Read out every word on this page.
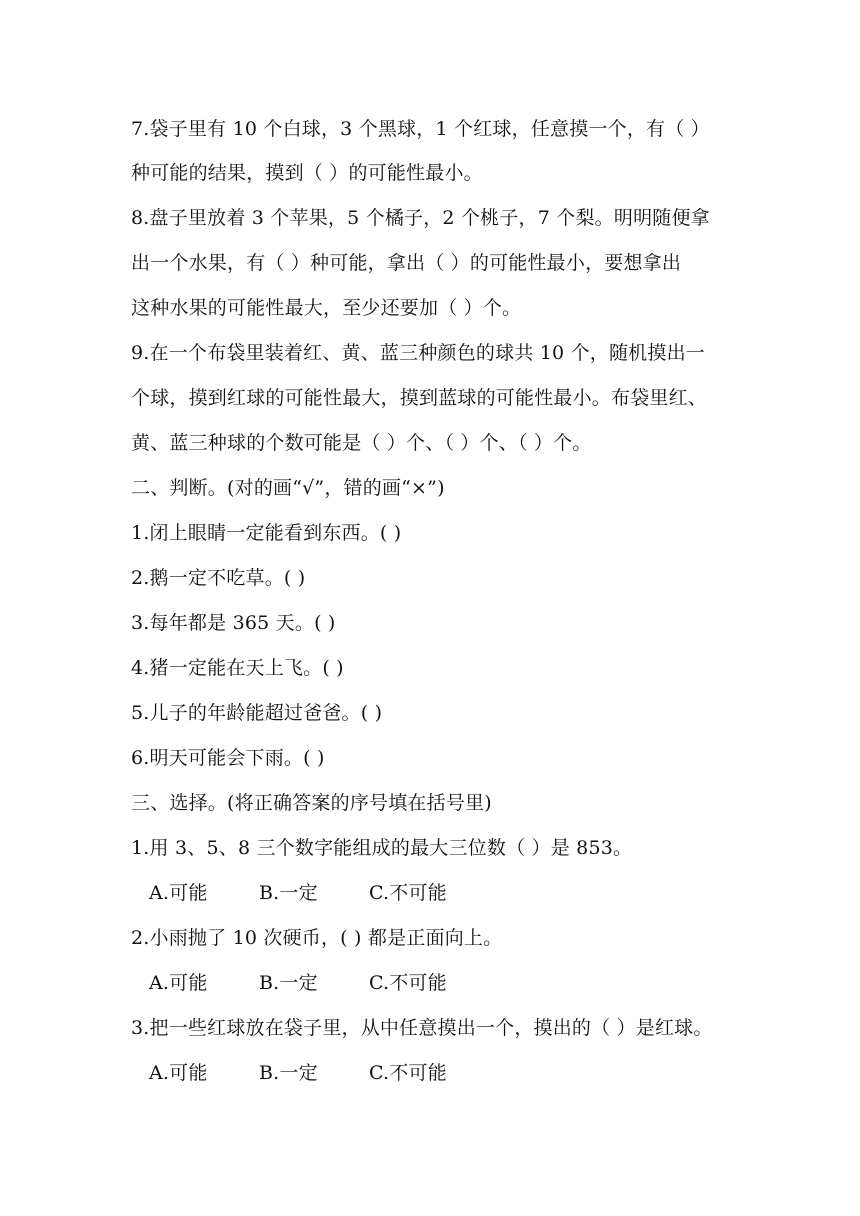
7.袋子里有 10 个白球，3 个黑球，1 个红球，任意摸一个，有（ ）
种可能的结果，摸到（ ）的可能性最小。
8.盘子里放着 3 个苹果，5 个橘子，2 个桃子，7 个梨。明明随便拿
出一个水果，有（ ）种可能，拿出（ ）的可能性最小，要想拿出
这种水果的可能性最大，至少还要加（ ）个。
9.在一个布袋里装着红、黄、蓝三种颜色的球共 10 个，随机摸出一
个球，摸到红球的可能性最大，摸到蓝球的可能性最小。布袋里红、
黄、蓝三种球的个数可能是（ ）个、（ ）个、（ ）个。
二、判断。(对的画“√”，错的画“×”)
1.闭上眼睛一定能看到东西。( )
2.鹅一定不吃草。( )
3.每年都是 365 天。( )
4.猪一定能在天上飞。( )
5.儿子的年龄能超过爸爸。( )
6.明天可能会下雨。( )
三、选择。(将正确答案的序号填在括号里)
1.用 3、5、8 三个数字能组成的最大三位数（ ）是 853。
A.可能	B.一定	C.不可能
2.小雨抛了 10 次硬币，( ) 都是正面向上。
A.可能	B.一定	C.不可能
3.把一些红球放在袋子里，从中任意摸出一个，摸出的（ ）是红球。
A.可能	B.一定	C.不可能
